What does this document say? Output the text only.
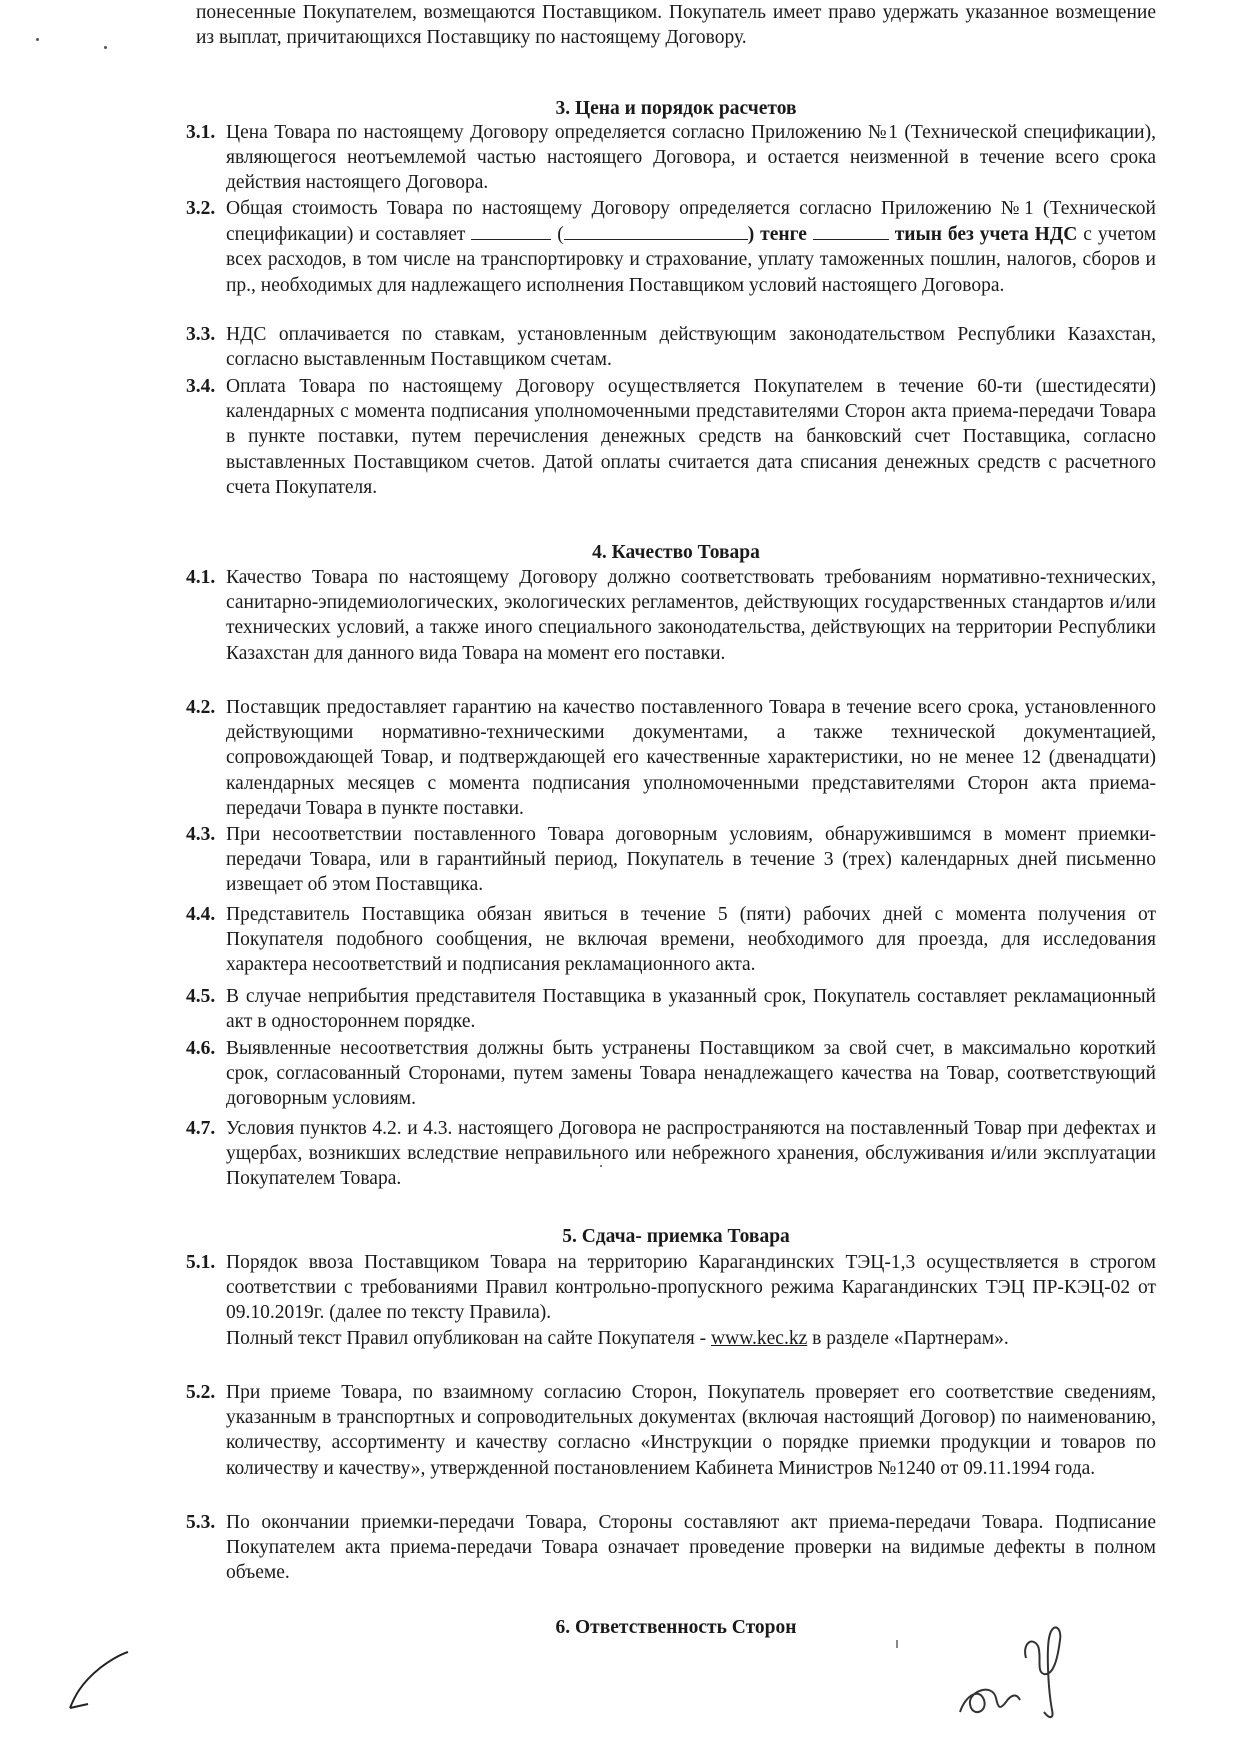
понесенные Покупателем, возмещаются Поставщиком. Покупатель имеет право удержать указанное возмещение из выплат, причитающихся Поставщику по настоящему Договору.

3. Цена и порядок расчетов

3.1. Цена Товара по настоящему Договору определяется согласно Приложению №1 (Технической спецификации), являющегося неотъемлемой частью настоящего Договора, и остается неизменной в течение всего срока действия настоящего Договора.

3.2. Общая стоимость Товара по настоящему Договору определяется согласно Приложению №1 (Технической спецификации) и составляет	(	) тенге	тиын без учета НДС с учетом всех расходов, в том числе на транспортировку и страхование, уплату таможенных пошлин, налогов, сборов и пр., необходимых для надлежащего исполнения Поставщиком условий настоящего Договора.

3.3. НДС оплачивается по ставкам, установленным действующим законодательством Республики Казахстан, согласно выставленным Поставщиком счетам.

3.4. Оплата Товара по настоящему Договору осуществляется Покупателем в течение 60-ти (шестидесяти) календарных с момента подписания уполномоченными представителями Сторон акта приема-передачи Товара в пункте поставки, путем перечисления денежных средств на банковский счет Поставщика, согласно выставленных Поставщиком счетов. Датой оплаты считается дата списания денежных средств с расчетного счета Покупателя.

4. Качество Товара

4.1. Качество Товара по настоящему Договору должно соответствовать требованиям нормативно-технических, санитарно-эпидемиологических, экологических регламентов, действующих государственных стандартов и/или технических условий, а также иного специального законодательства, действующих на территории Республики Казахстан для данного вида Товара на момент его поставки.

4.2. Поставщик предоставляет гарантию на качество поставленного Товара в течение всего срока, установленного действующими нормативно-техническими документами, а также технической документацией, сопровождающей Товар, и подтверждающей его качественные характеристики, но не менее 12 (двенадцати) календарных месяцев с момента подписания уполномоченными представителями Сторон акта приема-передачи Товара в пункте поставки.

4.3. При несоответствии поставленного Товара договорным условиям, обнаружившимся в момент приемки-передачи Товара, или в гарантийный период, Покупатель в течение 3 (трех) календарных дней письменно извещает об этом Поставщика.

4.4. Представитель Поставщика обязан явиться в течение 5 (пяти) рабочих дней с момента получения от Покупателя подобного сообщения, не включая времени, необходимого для проезда, для исследования характера несоответствий и подписания рекламационного акта.

4.5. В случае неприбытия представителя Поставщика в указанный срок, Покупатель составляет рекламационный акт в одностороннем порядке.

4.6. Выявленные несоответствия должны быть устранены Поставщиком за свой счет, в максимально короткий срок, согласованный Сторонами, путем замены Товара ненадлежащего качества на Товар, соответствующий договорным условиям.

4.7. Условия пунктов 4.2. и 4.3. настоящего Договора не распространяются на поставленный Товар при дефектах и ущербах, возникших вследствие неправильного или небрежного хранения, обслуживания и/или эксплуатации Покупателем Товара.

5. Сдача- приемка Товара

5.1. Порядок ввоза Поставщиком Товара на территорию Карагандинских ТЭЦ-1,3 осуществляется в строгом соответствии с требованиями Правил контрольно-пропускного режима Карагандинских ТЭЦ ПР-КЭЦ-02 от 09.10.2019г. (далее по тексту Правила).
Полный текст Правил опубликован на сайте Покупателя - www.kec.kz в разделе «Партнерам».

5.2. При приеме Товара, по взаимному согласию Сторон, Покупатель проверяет его соответствие сведениям, указанным в транспортных и сопроводительных документах (включая настоящий Договор) по наименованию, количеству, ассортименту и качеству согласно «Инструкции о порядке приемки продукции и товаров по количеству и качеству», утвержденной постановлением Кабинета Министров №1240 от 09.11.1994 года.

5.3. По окончании приемки-передачи Товара, Стороны составляют акт приема-передачи Товара. Подписание Покупателем акта приема-передачи Товара означает проведение проверки на видимые дефекты в полном объеме.

6. Ответственность Сторон
